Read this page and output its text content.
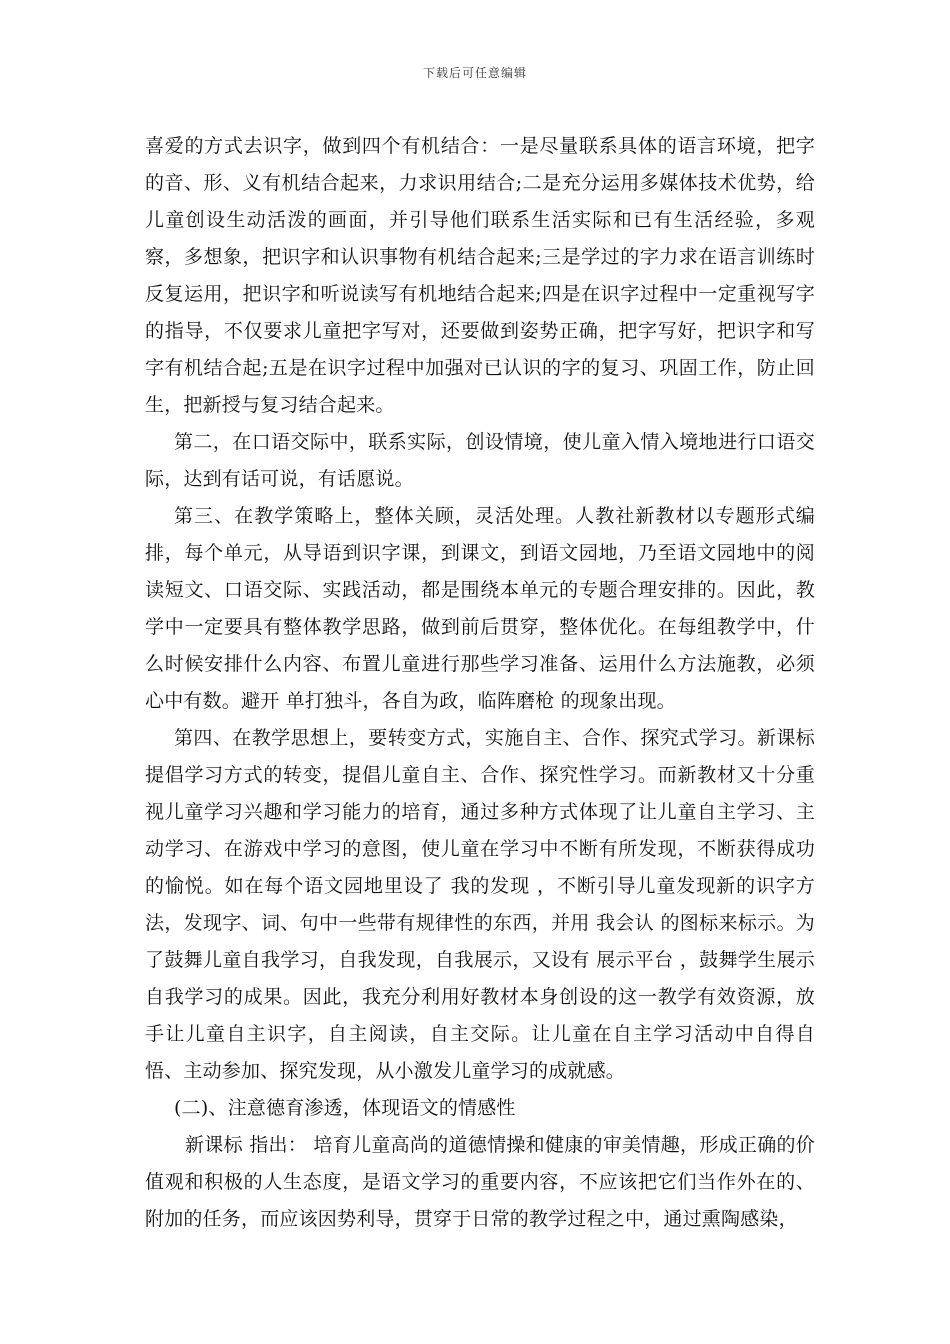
下载后可任意编辑

喜爱的方式去识字，做到四个有机结合：一是尽量联系具体的语言环境，把字的音、形、义有机结合起来，力求识用结合;二是充分运用多媒体技术优势，给儿童创设生动活泼的画面，并引导他们联系生活实际和已有生活经验，多观察，多想象，把识字和认识事物有机结合起来;三是学过的字力求在语言训练时反复运用，把识字和听说读写有机地结合起来;四是在识字过程中一定重视写字的指导，不仅要求儿童把字写对，还要做到姿势正确，把字写好，把识字和写字有机结合起;五是在识字过程中加强对已认识的字的复习、巩固工作，防止回生，把新授与复习结合起来。

第二，在口语交际中，联系实际，创设情境，使儿童入情入境地进行口语交际，达到有话可说，有话愿说。

第三、在教学策略上，整体关顾，灵活处理。人教社新教材以专题形式编排，每个单元，从导语到识字课，到课文，到语文园地，乃至语文园地中的阅读短文、口语交际、实践活动，都是围绕本单元的专题合理安排的。因此，教学中一定要具有整体教学思路，做到前后贯穿，整体优化。在每组教学中，什么时候安排什么内容、布置儿童进行那些学习准备、运用什么方法施教，必须心中有数。避开 单打独斗，各自为政，临阵磨枪 的现象出现。

第四、在教学思想上，要转变方式，实施自主、合作、探究式学习。新课标提倡学习方式的转变，提倡儿童自主、合作、探究性学习。而新教材又十分重视儿童学习兴趣和学习能力的培育，通过多种方式体现了让儿童自主学习、主动学习、在游戏中学习的意图，使儿童在学习中不断有所发现，不断获得成功的愉悦。如在每个语文园地里设了 我的发现 ，不断引导儿童发现新的识字方法，发现字、词、句中一些带有规律性的东西，并用 我会认 的图标来标示。为了鼓舞儿童自我学习，自我发现，自我展示，又设有 展示平台 ，鼓舞学生展示自我学习的成果。因此，我充分利用好教材本身创设的这一教学有效资源，放手让儿童自主识字，自主阅读，自主交际。让儿童在自主学习活动中自得自悟、主动参加、探究发现，从小激发儿童学习的成就感。

(二)、注意德育渗透，体现语文的情感性

新课标 指出： 培育儿童高尚的道德情操和健康的审美情趣，形成正确的价值观和积极的人生态度，是语文学习的重要内容，不应该把它们当作外在的、附加的任务，而应该因势利导，贯穿于日常的教学过程之中，通过熏陶感染，
